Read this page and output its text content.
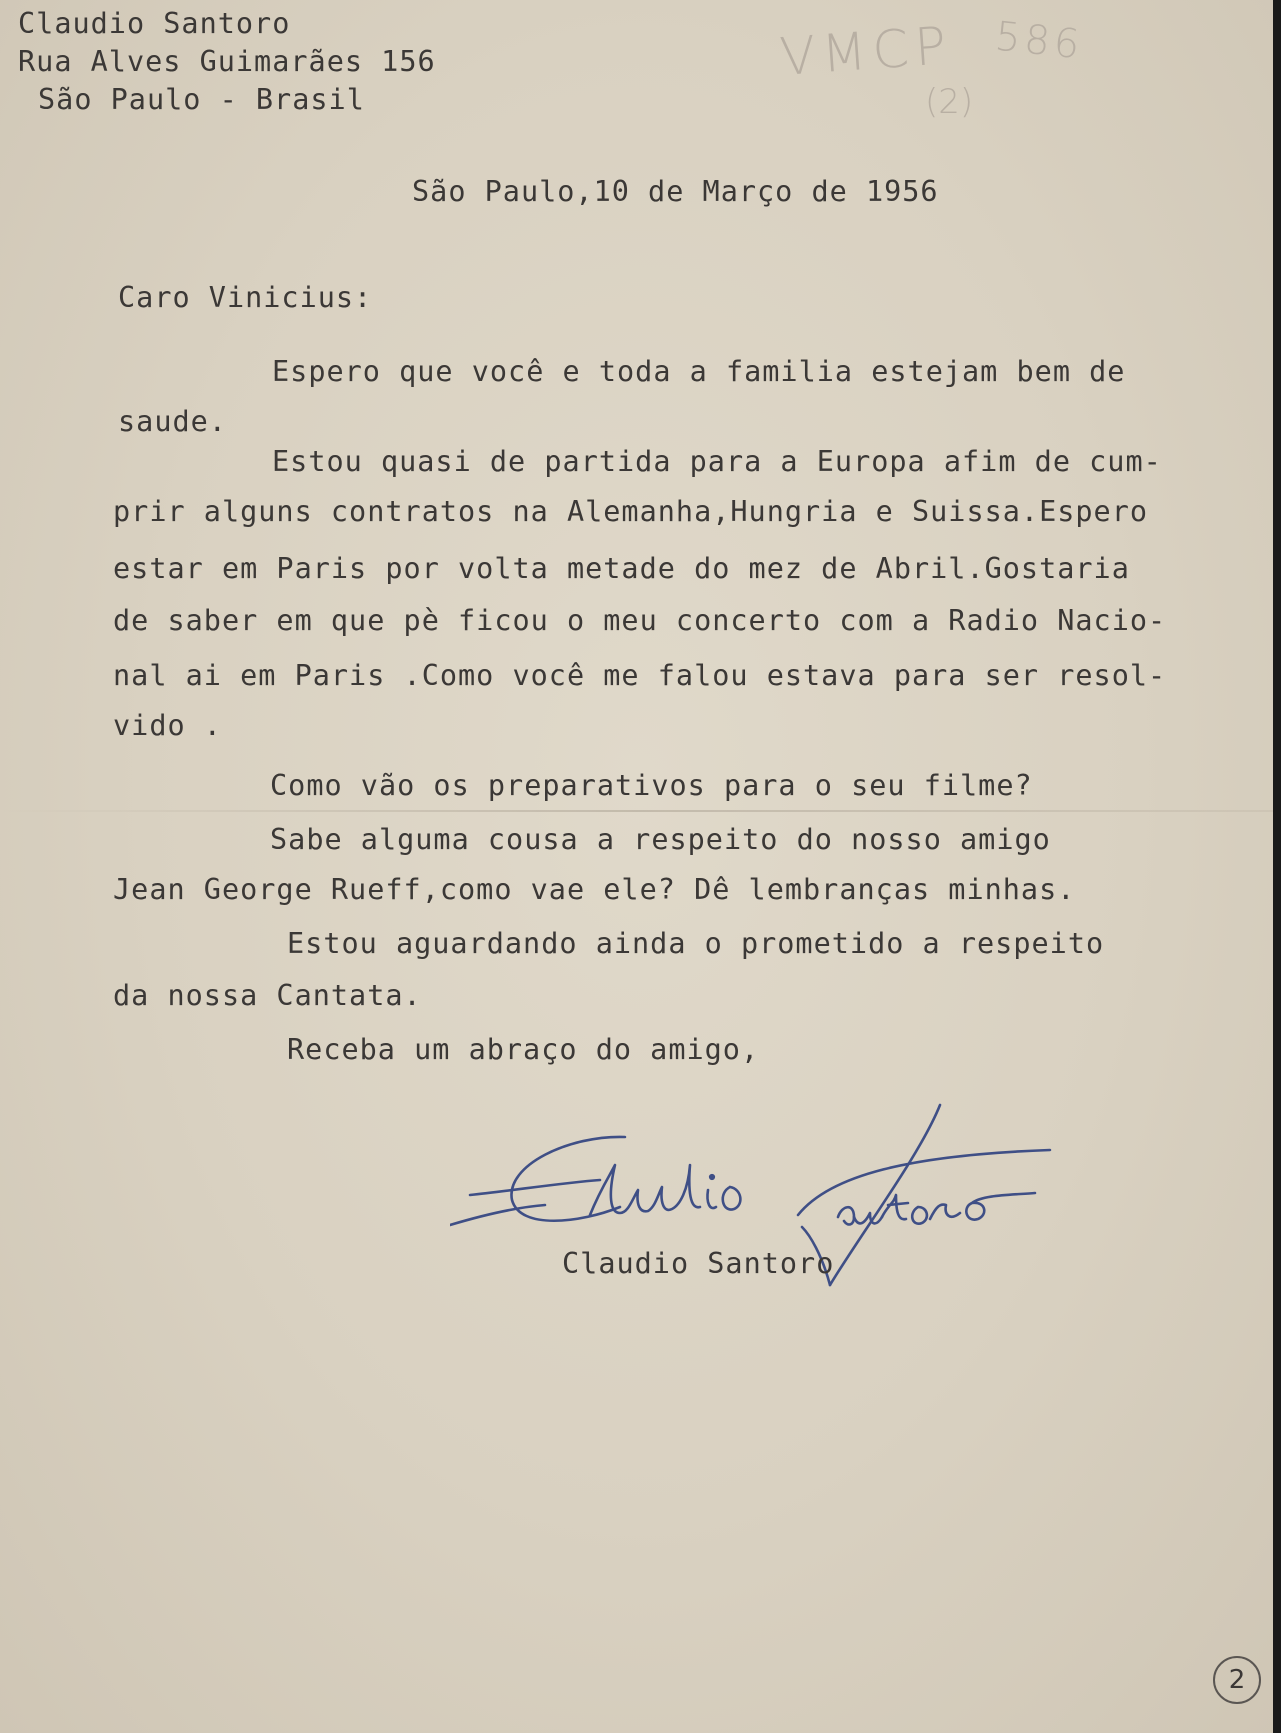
Claudio Santoro
Rua Alves Guimarães 156
São Paulo - Brasil
VMCP 586
(2)
São Paulo,10 de Março de 1956
Caro Vinicius:
Espero que você e toda a familia estejam bem de
saude.
Estou quasi de partida para a Europa afim de cum-
prir alguns contratos na Alemanha,Hungria e Suissa.Espero
estar em Paris por volta metade do mez de Abril.Gostaria
de saber em que pè ficou o meu concerto com a Radio Nacio-
nal ai em Paris .Como você me falou estava para ser resol-
vido .
Como vão os preparativos para o seu filme?
Sabe alguma cousa a respeito do nosso amigo
Jean George Rueff,como vae ele? Dê lembranças minhas.
Estou aguardando ainda o prometido a respeito
da nossa Cantata.
Receba um abraço do amigo,
Claudio Santoro
2
